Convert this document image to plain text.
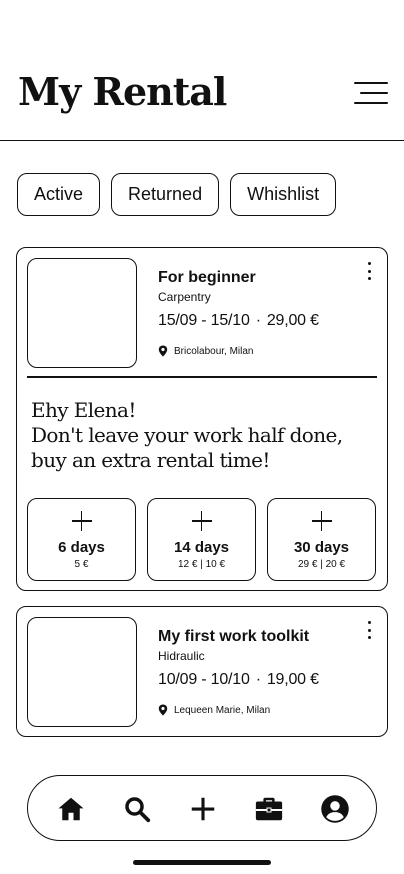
My Rental
Active	Returned	Whishlist
For beginner
Carpentry
15/09 - 15/10 · 29,00 €
Bricolabour, Milan
Ehy Elena!
Don't leave your work half done,
buy an extra rental time!
6 days
5 €
14 days
12 € | 10 €
30 days
29 € | 20 €
My first work toolkit
Hidraulic
10/09 - 10/10 · 19,00 €
Lequeen Marie, Milan
